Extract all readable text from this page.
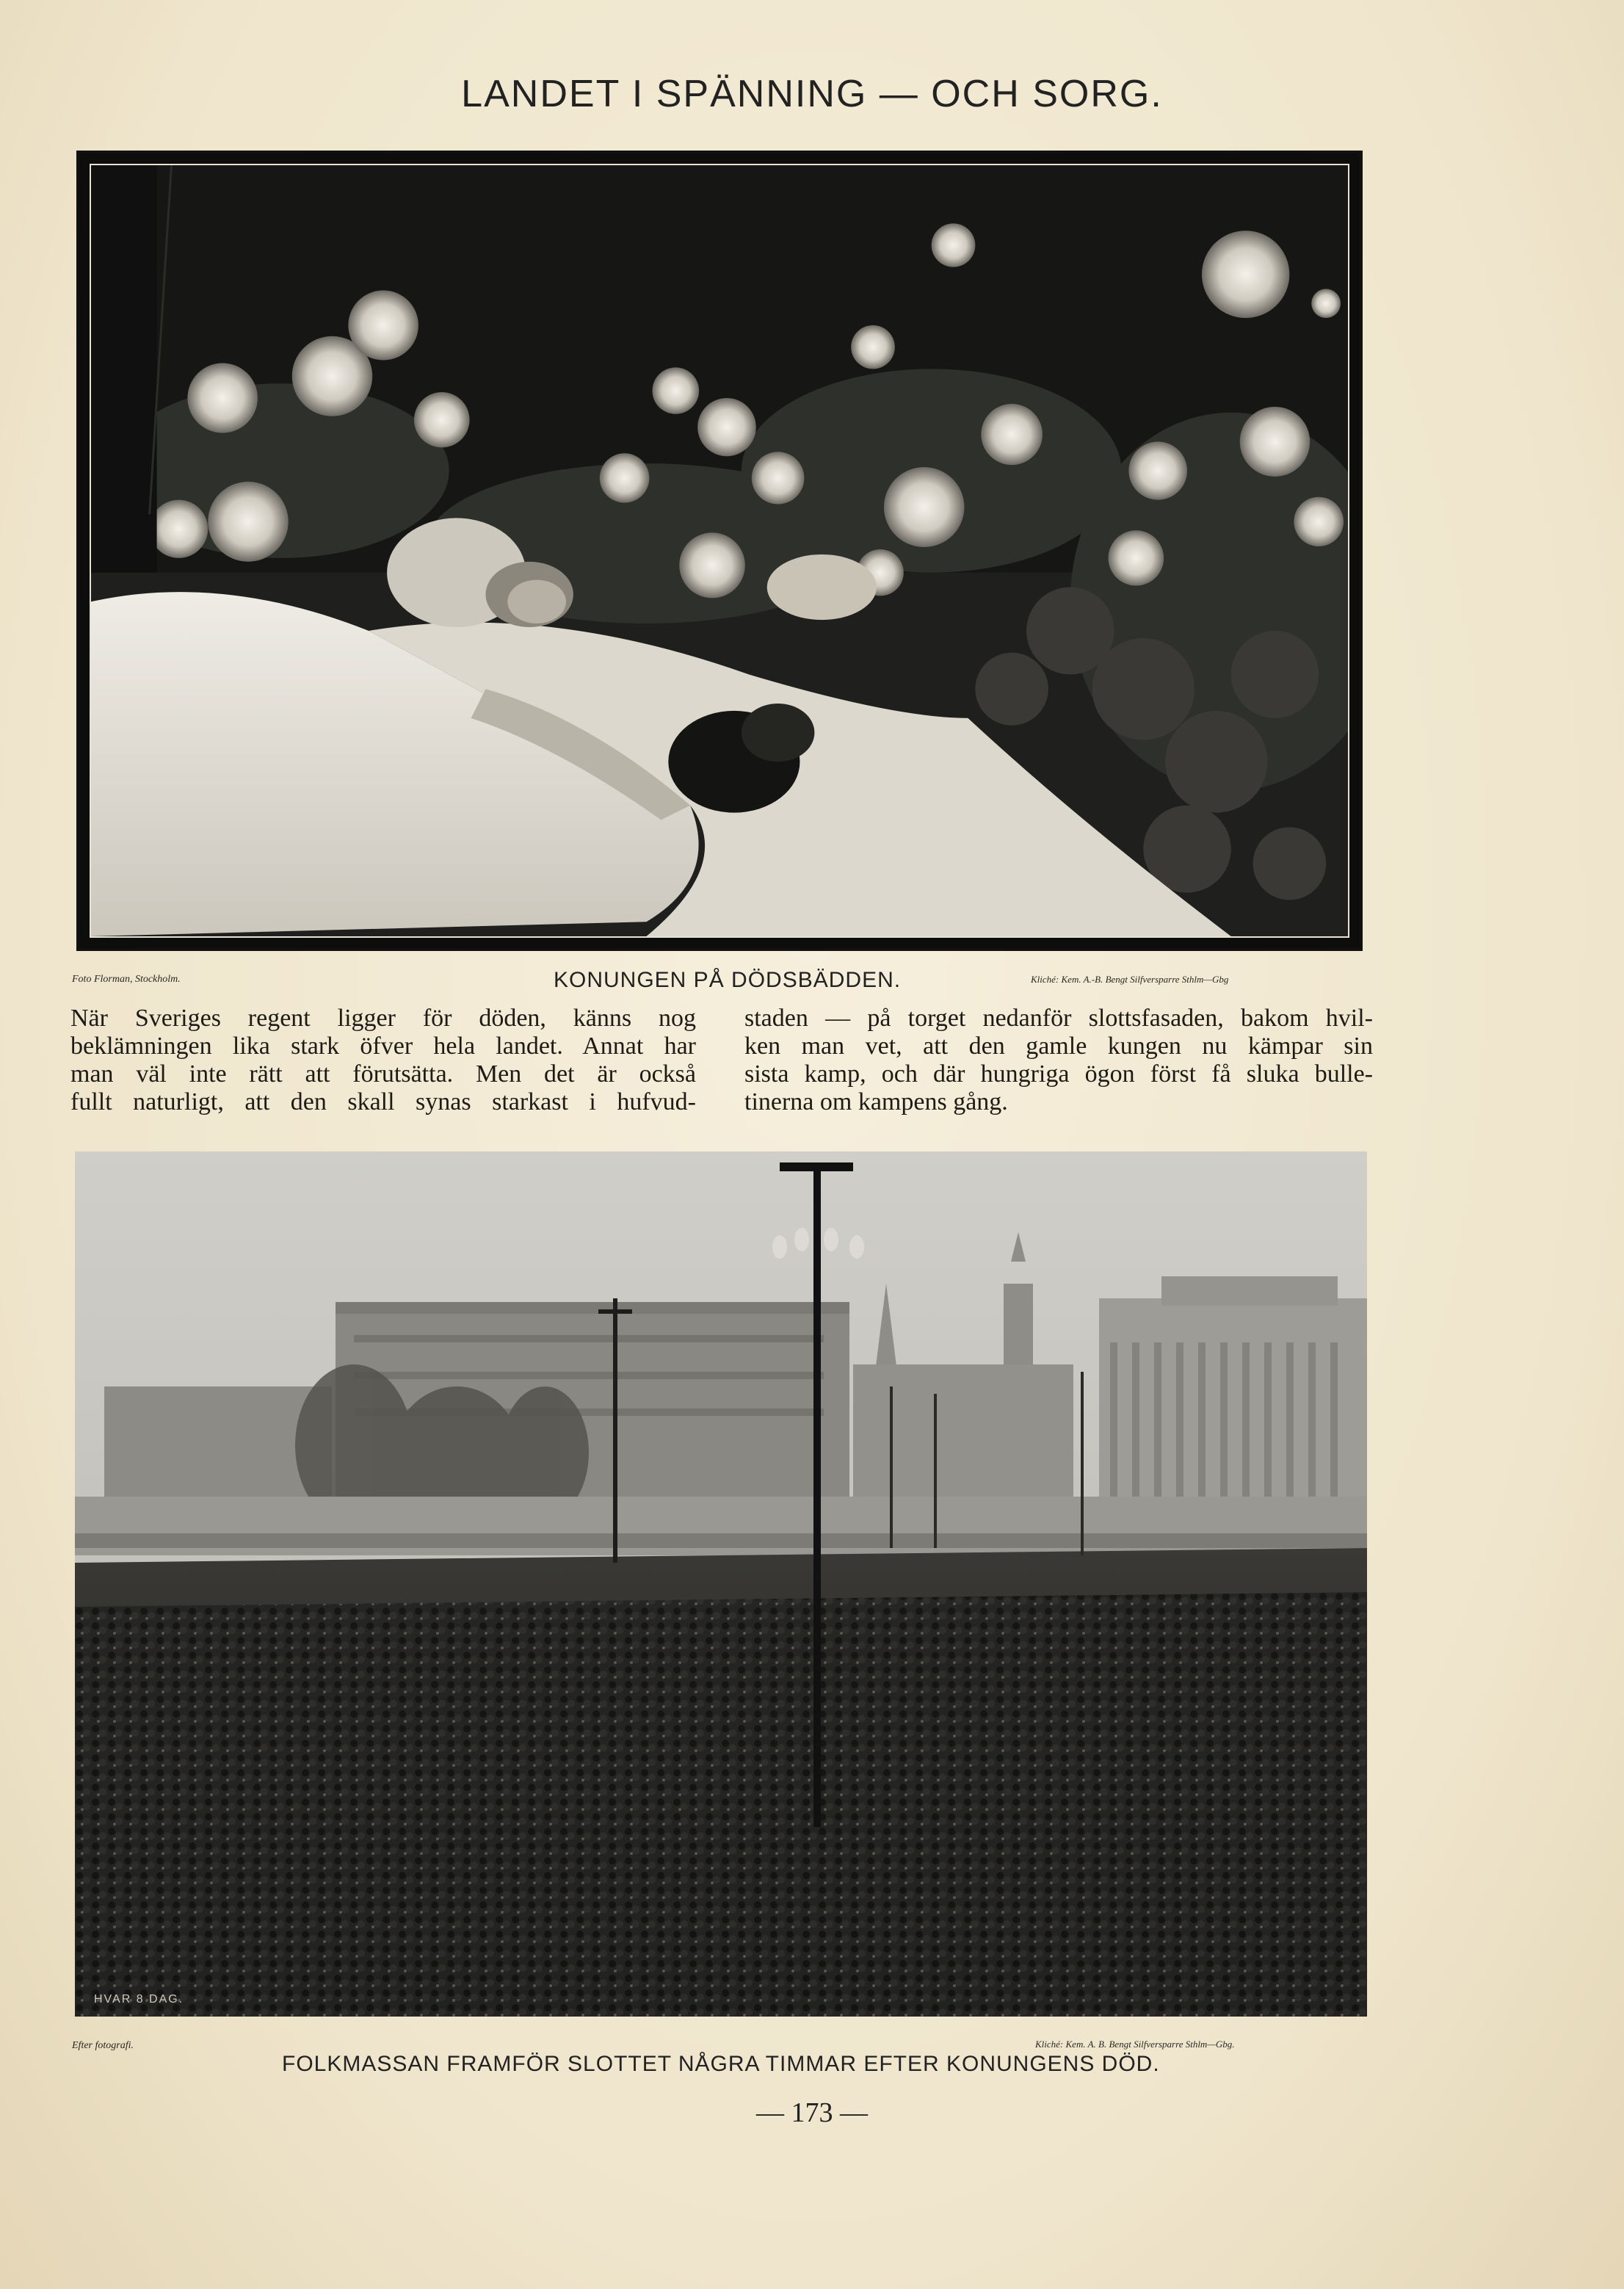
LANDET I SPÄNNING — OCH SORG.
Foto Florman, Stockholm.	KONUNGEN PÅ DÖDSBÄDDEN.	Kliché: Kem. A.-B. Bengt Silfversparre Sthlm—Gbg
När Sveriges regent ligger för döden, känns nog
beklämningen lika stark öfver hela landet. Annat har
man väl inte rätt att förutsätta. Men det är också
fullt naturligt, att den skall synas starkast i hufvud-
staden — på torget nedanför slottsfasaden, bakom hvil-
ken man vet, att den gamle kungen nu kämpar sin
sista kamp, och där hungriga ögon först få sluka bulle-
tinerna om kampens gång.
HVAR 8 DAG.
Efter fotografi.	Kliché: Kem. A. B. Bengt Silfversparre Sthlm—Gbg.
FOLKMASSAN FRAMFÖR SLOTTET NÅGRA TIMMAR EFTER KONUNGENS DÖD.
— 173 —
